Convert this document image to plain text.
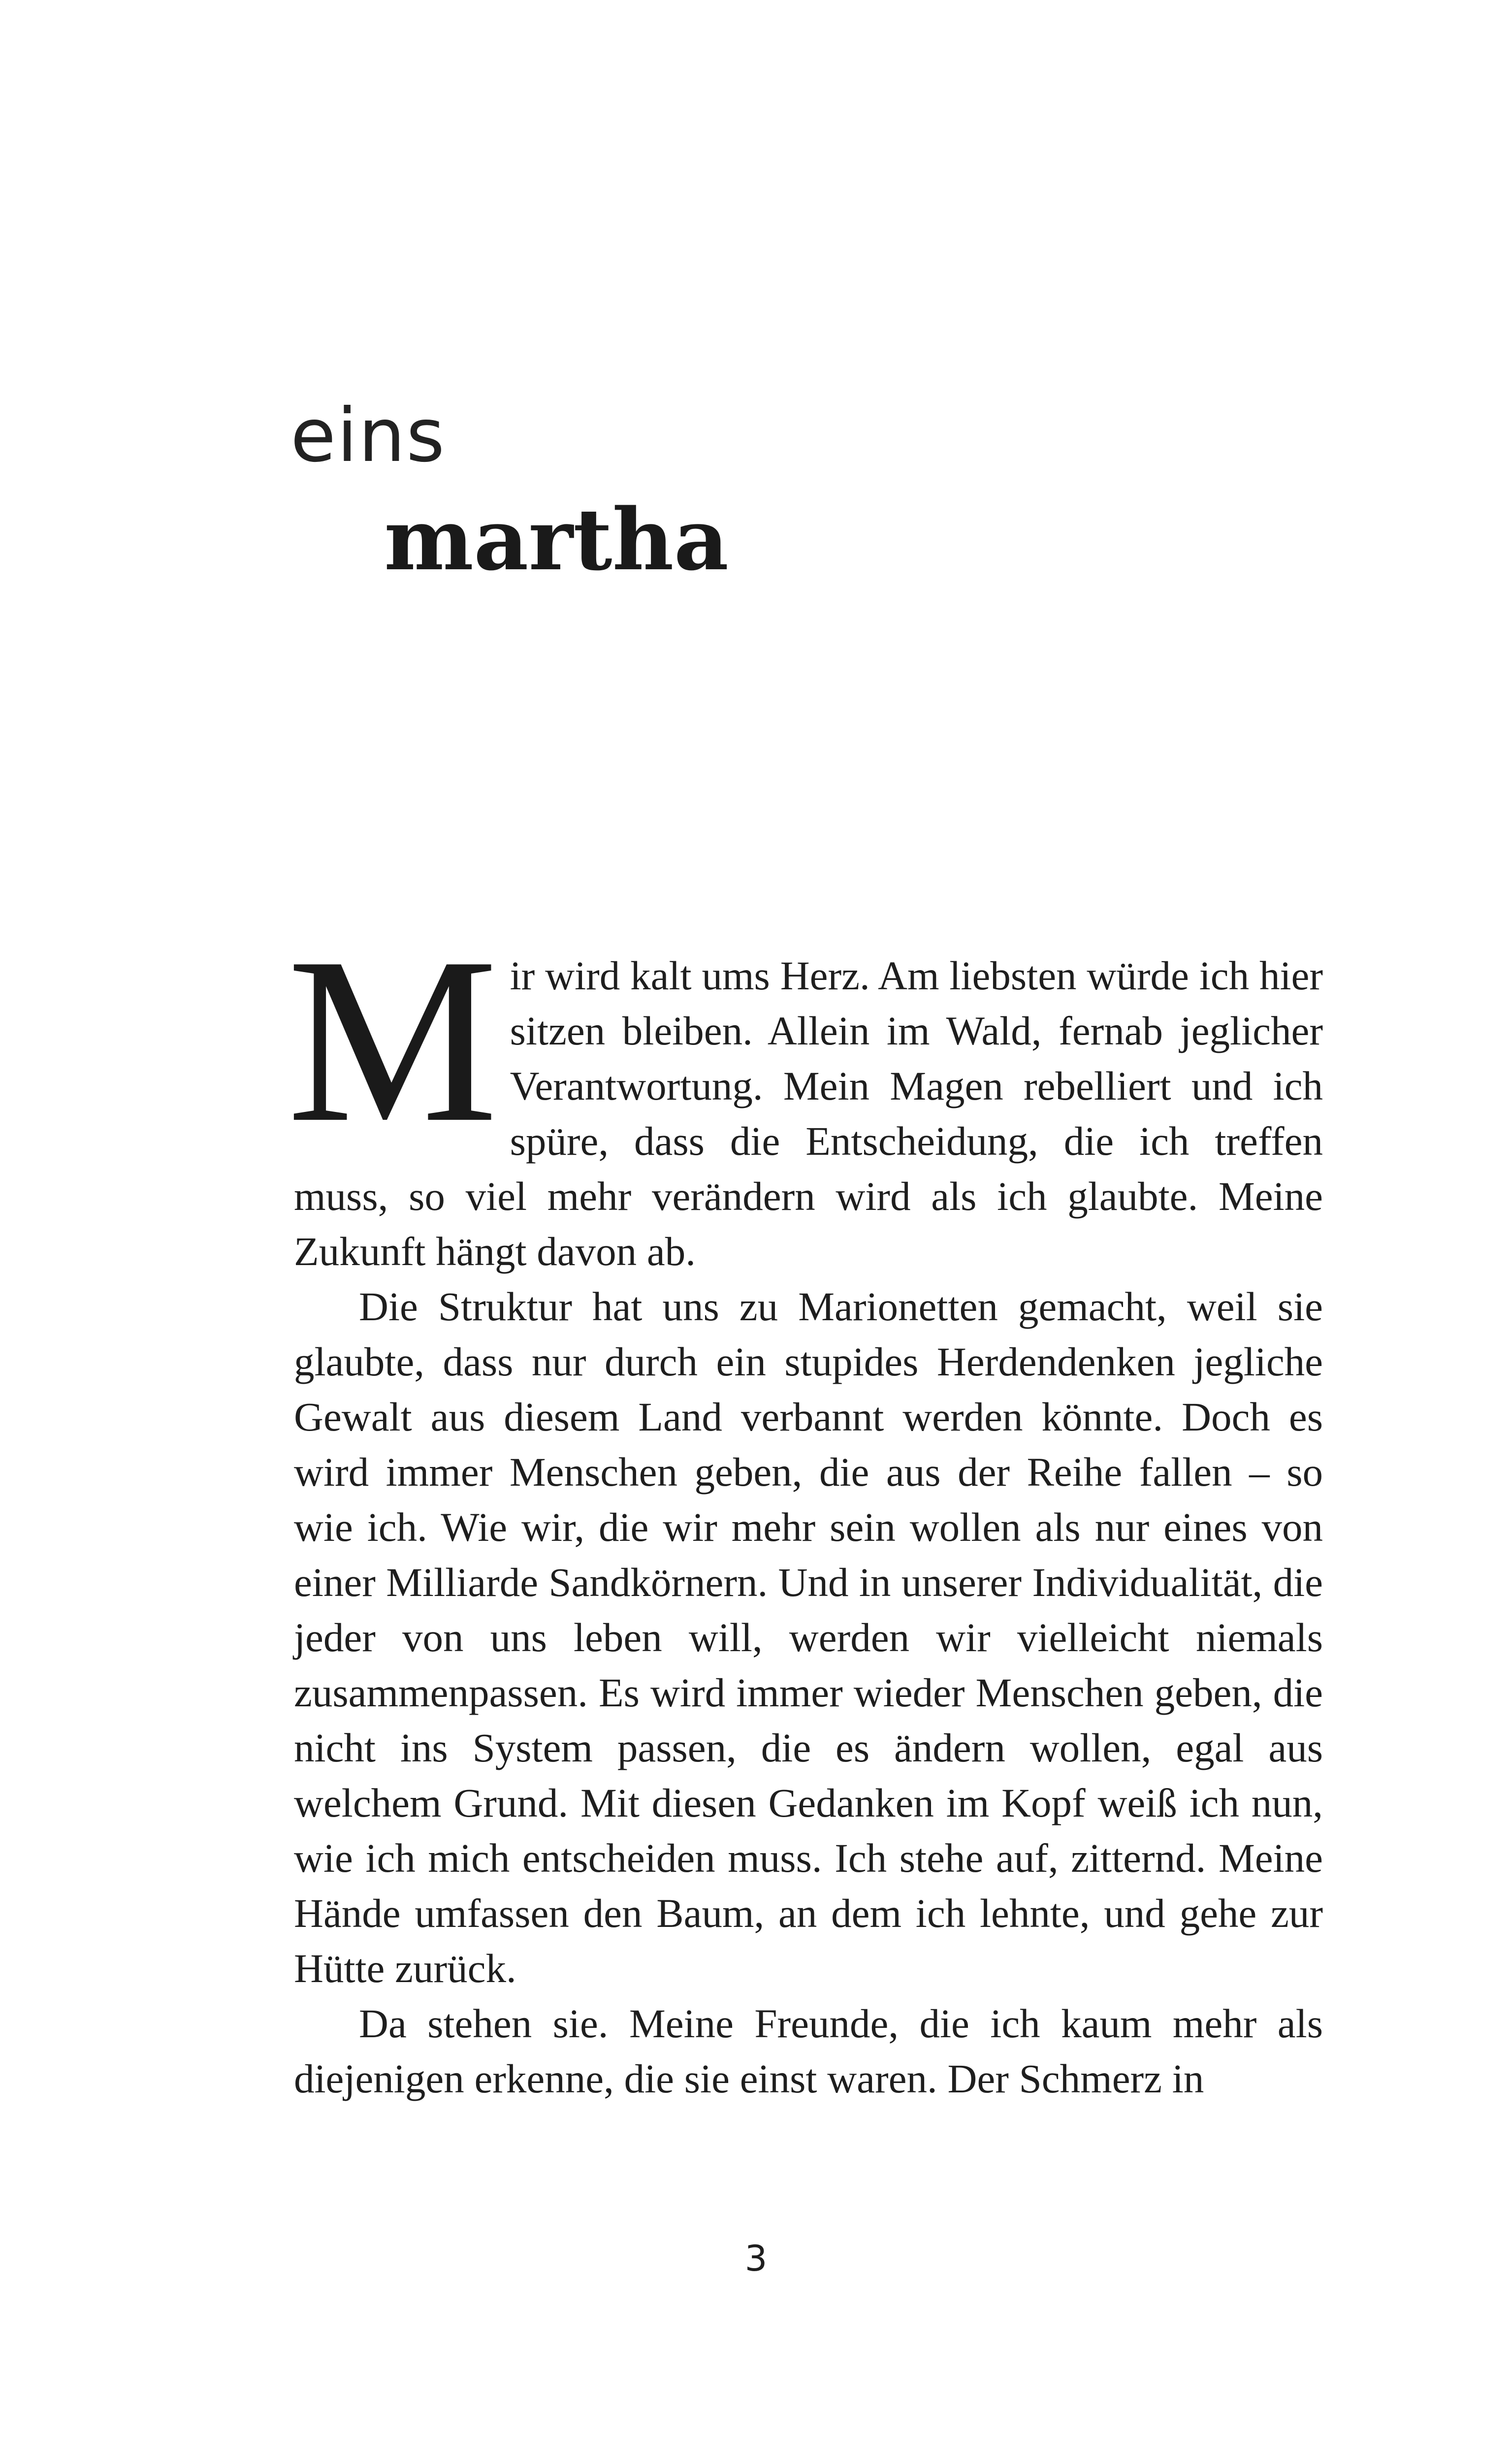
eins
martha

Mir wird kalt ums Herz. Am liebsten würde ich hier sitzen bleiben. Allein im Wald, fernab jeglicher Verantwortung. Mein Magen rebelliert und ich spüre, dass die Entscheidung, die ich treffen muss, so viel mehr verändern wird als ich glaubte. Meine Zukunft hängt davon ab.

Die Struktur hat uns zu Marionetten gemacht, weil sie glaubte, dass nur durch ein stupides Herdendenken jegliche Gewalt aus diesem Land verbannt werden könnte. Doch es wird immer Menschen geben, die aus der Reihe fallen – so wie ich. Wie wir, die wir mehr sein wollen als nur eines von einer Milliarde Sandkörnern. Und in unserer Individualität, die jeder von uns leben will, werden wir vielleicht niemals zusammenpassen. Es wird immer wieder Menschen geben, die nicht ins System passen, die es ändern wollen, egal aus welchem Grund. Mit diesen Gedanken im Kopf weiß ich nun, wie ich mich entscheiden muss. Ich stehe auf, zitternd. Meine Hände umfassen den Baum, an dem ich lehnte, und gehe zur Hütte zurück.

Da stehen sie. Meine Freunde, die ich kaum mehr als diejenigen erkenne, die sie einst waren. Der Schmerz in

3
